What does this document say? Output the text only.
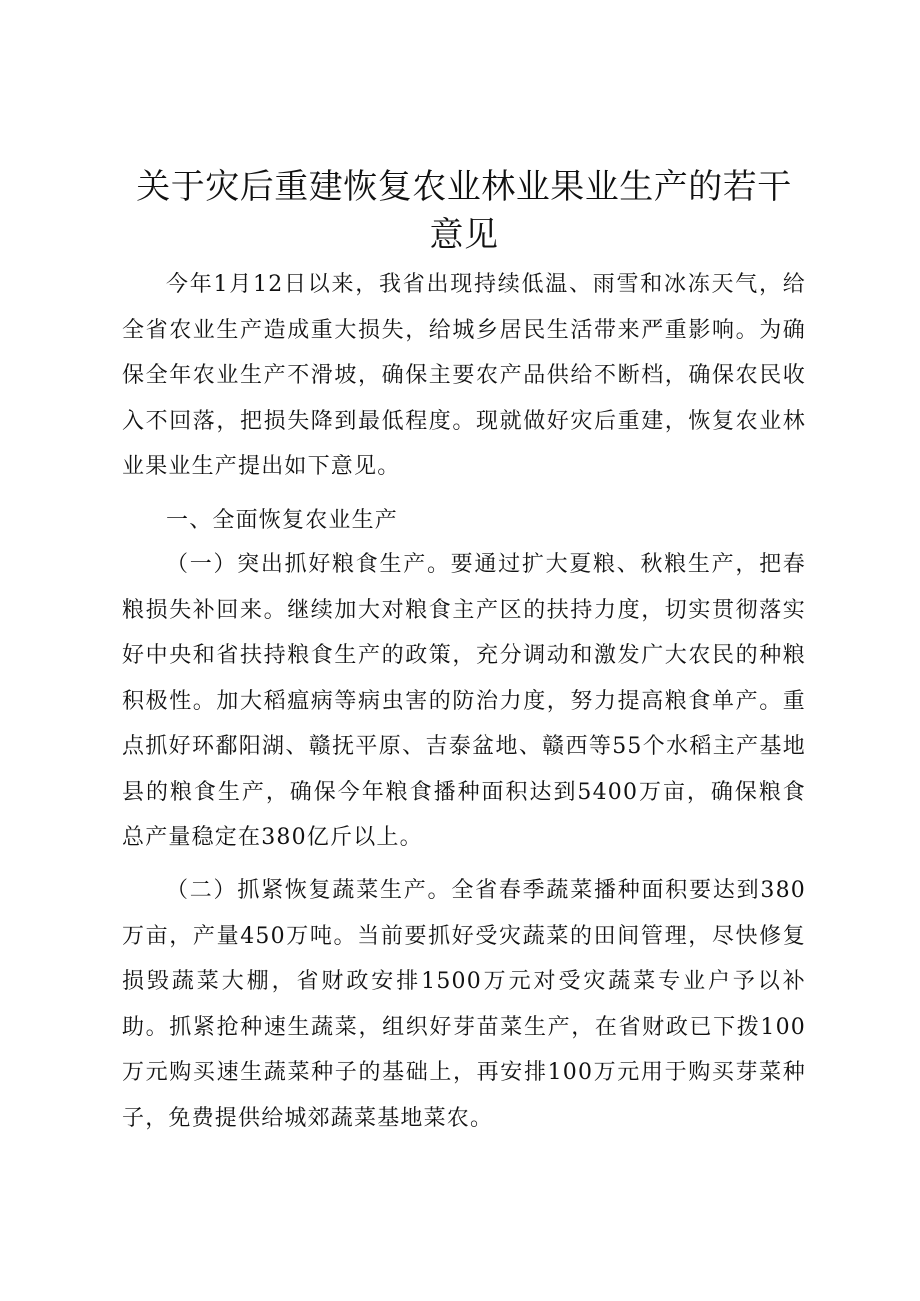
关于灾后重建恢复农业林业果业生产的若干意见

今年1月12日以来，我省出现持续低温、雨雪和冰冻天气，给全省农业生产造成重大损失，给城乡居民生活带来严重影响。为确保全年农业生产不滑坡，确保主要农产品供给不断档，确保农民收入不回落，把损失降到最低程度。现就做好灾后重建，恢复农业林业果业生产提出如下意见。

一、全面恢复农业生产

（一）突出抓好粮食生产。要通过扩大夏粮、秋粮生产，把春粮损失补回来。继续加大对粮食主产区的扶持力度，切实贯彻落实好中央和省扶持粮食生产的政策，充分调动和激发广大农民的种粮积极性。加大稻瘟病等病虫害的防治力度，努力提高粮食单产。重点抓好环鄱阳湖、赣抚平原、吉泰盆地、赣西等55个水稻主产基地县的粮食生产，确保今年粮食播种面积达到5400万亩，确保粮食总产量稳定在380亿斤以上。

（二）抓紧恢复蔬菜生产。全省春季蔬菜播种面积要达到380万亩，产量450万吨。当前要抓好受灾蔬菜的田间管理，尽快修复损毁蔬菜大棚，省财政安排1500万元对受灾蔬菜专业户予以补助。抓紧抢种速生蔬菜，组织好芽苗菜生产，在省财政已下拨100万元购买速生蔬菜种子的基础上，再安排100万元用于购买芽菜种子，免费提供给城郊蔬菜基地菜农。
